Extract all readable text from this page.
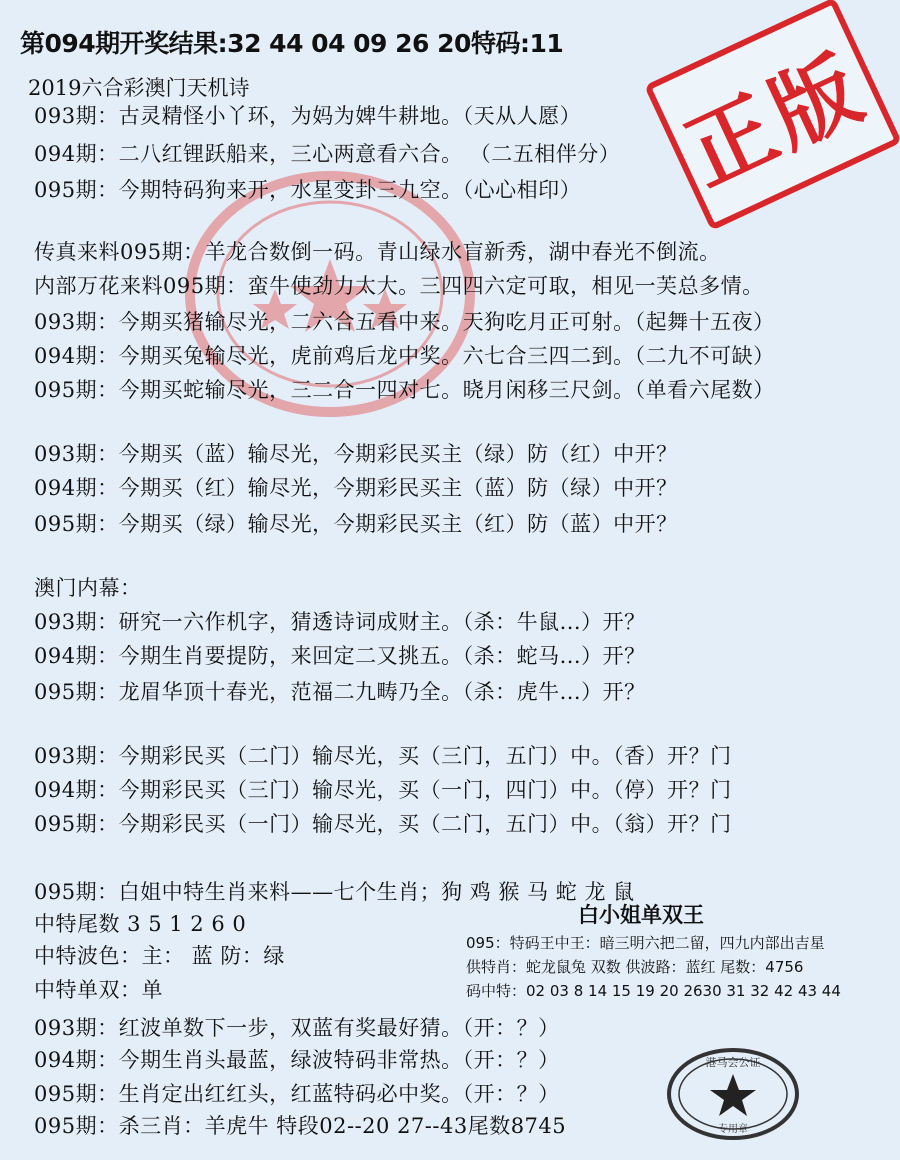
第094期开奖结果:32 44 04 09 26 20特码:11
2019六合彩澳门天机诗	正版
093期：古灵精怪小丫环，为妈为婢牛耕地。（天从人愿）
094期：二八红锂跃船来，三心两意看六合。 （二五相伴分）
095期：今期特码狗来开，水星变卦三九空。（心心相印）
传真来料095期：羊龙合数倒一码。青山绿水盲新秀，湖中春光不倒流。
内部万花来料095期：蛮牛使劲力太大。三四四六定可取，相见一芙总多情。
093期：今期买猪输尽光，二六合五看中来。天狗吃月正可射。（起舞十五夜）
094期：今期买兔输尽光，虎前鸡后龙中奖。六七合三四二到。（二九不可缺）
095期：今期买蛇输尽光，三二合一四对七。晓月闲移三尺剑。（单看六尾数）
093期：今期买（蓝）输尽光，今期彩民买主（绿）防（红）中开？
094期：今期买（红）输尽光，今期彩民买主（蓝）防（绿）中开？
095期：今期买（绿）输尽光，今期彩民买主（红）防（蓝）中开？
澳门内幕：
093期：研究一六作机字，猜透诗词成财主。（杀：牛鼠...）开？
094期：今期生肖要提防，来回定二又挑五。（杀：蛇马...）开？
095期：龙眉华顶十春光，范福二九畴乃全。（杀：虎牛...）开？
093期：今期彩民买（二门）输尽光，买（三门，五门）中。（香）开？门
094期：今期彩民买（三门）输尽光，买（一门，四门）中。（停）开？门
095期：今期彩民买（一门）输尽光，买（二门，五门）中。（翁）开？门
095期：白姐中特生肖来料——七个生肖；狗 鸡 猴 马 蛇 龙 鼠
中特尾数 3 5 1 2 6 0
中特波色：主： 蓝 防：绿
中特单双：单
093期：红波单数下一步，双蓝有奖最好猜。（开：？）
094期：今期生肖头最蓝，绿波特码非常热。（开：？）
095期：生肖定出红红头，红蓝特码必中奖。（开：？）
095期：杀三肖：羊虎牛 特段02--20 27--43尾数8745
白小姐单双王
095：特码王中王：暗三明六把二留，四九内部出吉星
供特肖：蛇龙鼠兔 双数 供波路：蓝红 尾数：4756
码中特：02 03 8 14 15 19 20 2630 31 32 42 43 44
港马会公证
专用章
